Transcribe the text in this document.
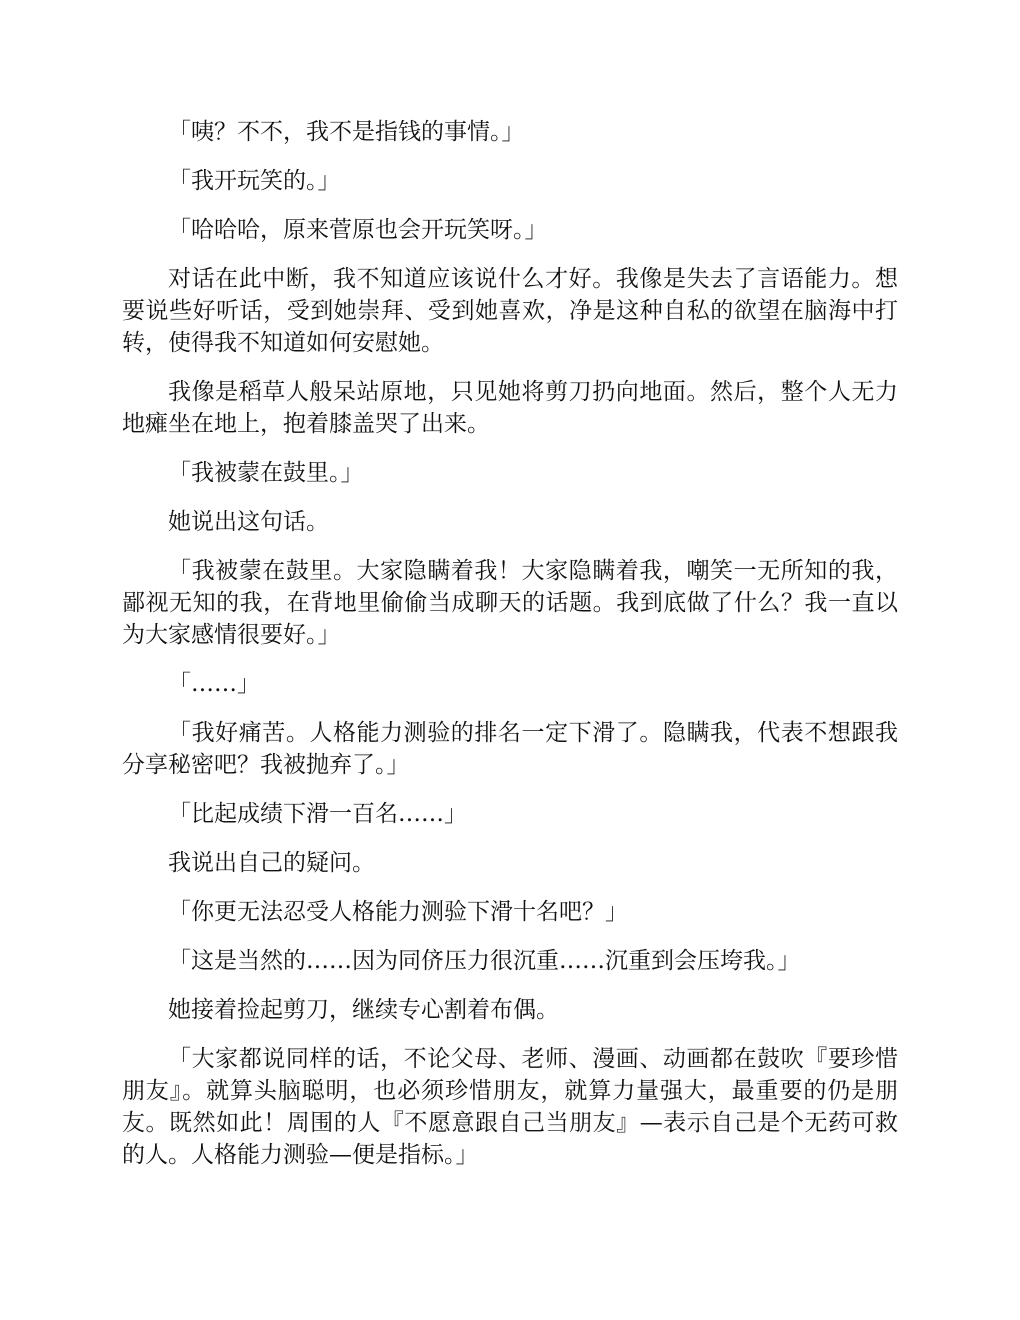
「咦？不不，我不是指钱的事情。」

「我开玩笑的。」

「哈哈哈，原来菅原也会开玩笑呀。」

对话在此中断，我不知道应该说什么才好。我像是失去了言语能力。想要说些好听话，受到她崇拜、受到她喜欢，净是这种自私的欲望在脑海中打转，使得我不知道如何安慰她。

我像是稻草人般呆站原地，只见她将剪刀扔向地面。然后，整个人无力地瘫坐在地上，抱着膝盖哭了出来。

「我被蒙在鼓里。」

她说出这句话。

「我被蒙在鼓里。大家隐瞒着我！大家隐瞒着我，嘲笑一无所知的我，鄙视无知的我，在背地里偷偷当成聊天的话题。我到底做了什么？我一直以为大家感情很要好。」

「……」

「我好痛苦。人格能力测验的排名一定下滑了。隐瞒我，代表不想跟我分享秘密吧？我被抛弃了。」

「比起成绩下滑一百名……」

我说出自己的疑问。

「你更无法忍受人格能力测验下滑十名吧？」

「这是当然的……因为同侪压力很沉重……沉重到会压垮我。」

她接着捡起剪刀，继续专心割着布偶。

「大家都说同样的话，不论父母、老师、漫画、动画都在鼓吹『要珍惜朋友』。就算头脑聪明，也必须珍惜朋友，就算力量强大，最重要的仍是朋友。既然如此！周围的人『不愿意跟自己当朋友』—表示自己是个无药可救的人。人格能力测验—便是指标。」
